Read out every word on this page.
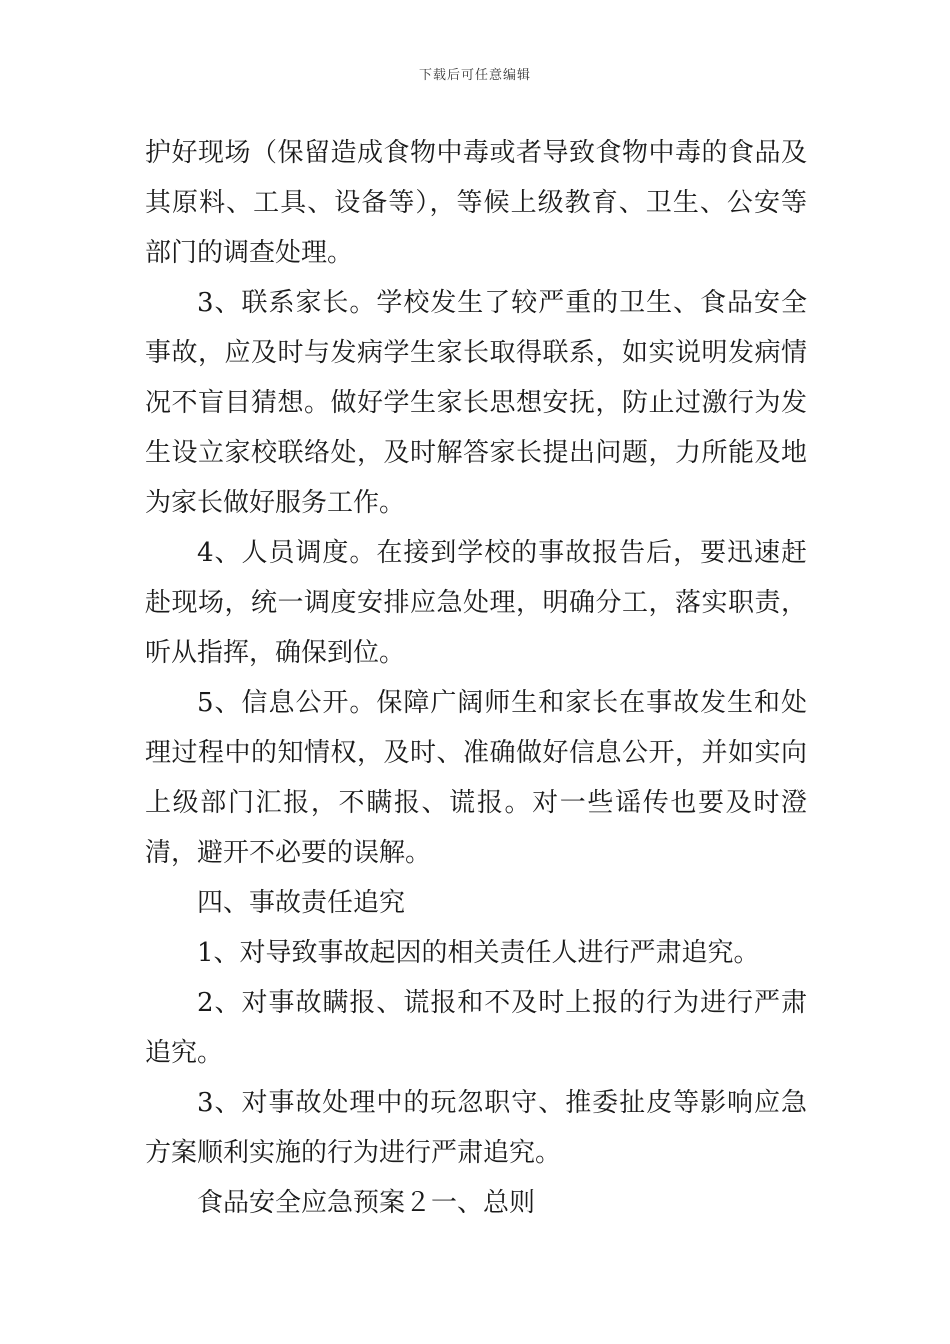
下载后可任意编辑

护好现场（保留造成食物中毒或者导致食物中毒的食品及其原料、工具、设备等），等候上级教育、卫生、公安等部门的调查处理。

3、联系家长。学校发生了较严重的卫生、食品安全事故，应及时与发病学生家长取得联系，如实说明发病情况不盲目猜想。做好学生家长思想安抚，防止过激行为发生设立家校联络处，及时解答家长提出问题，力所能及地为家长做好服务工作。

4、人员调度。在接到学校的事故报告后，要迅速赶赴现场，统一调度安排应急处理，明确分工，落实职责，听从指挥，确保到位。

5、信息公开。保障广阔师生和家长在事故发生和处理过程中的知情权，及时、准确做好信息公开，并如实向上级部门汇报，不瞒报、谎报。对一些谣传也要及时澄清，避开不必要的误解。

四、事故责任追究

1、对导致事故起因的相关责任人进行严肃追究。

2、对事故瞒报、谎报和不及时上报的行为进行严肃追究。

3、对事故处理中的玩忽职守、推委扯皮等影响应急方案顺利实施的行为进行严肃追究。

食品安全应急预案２一、总则
